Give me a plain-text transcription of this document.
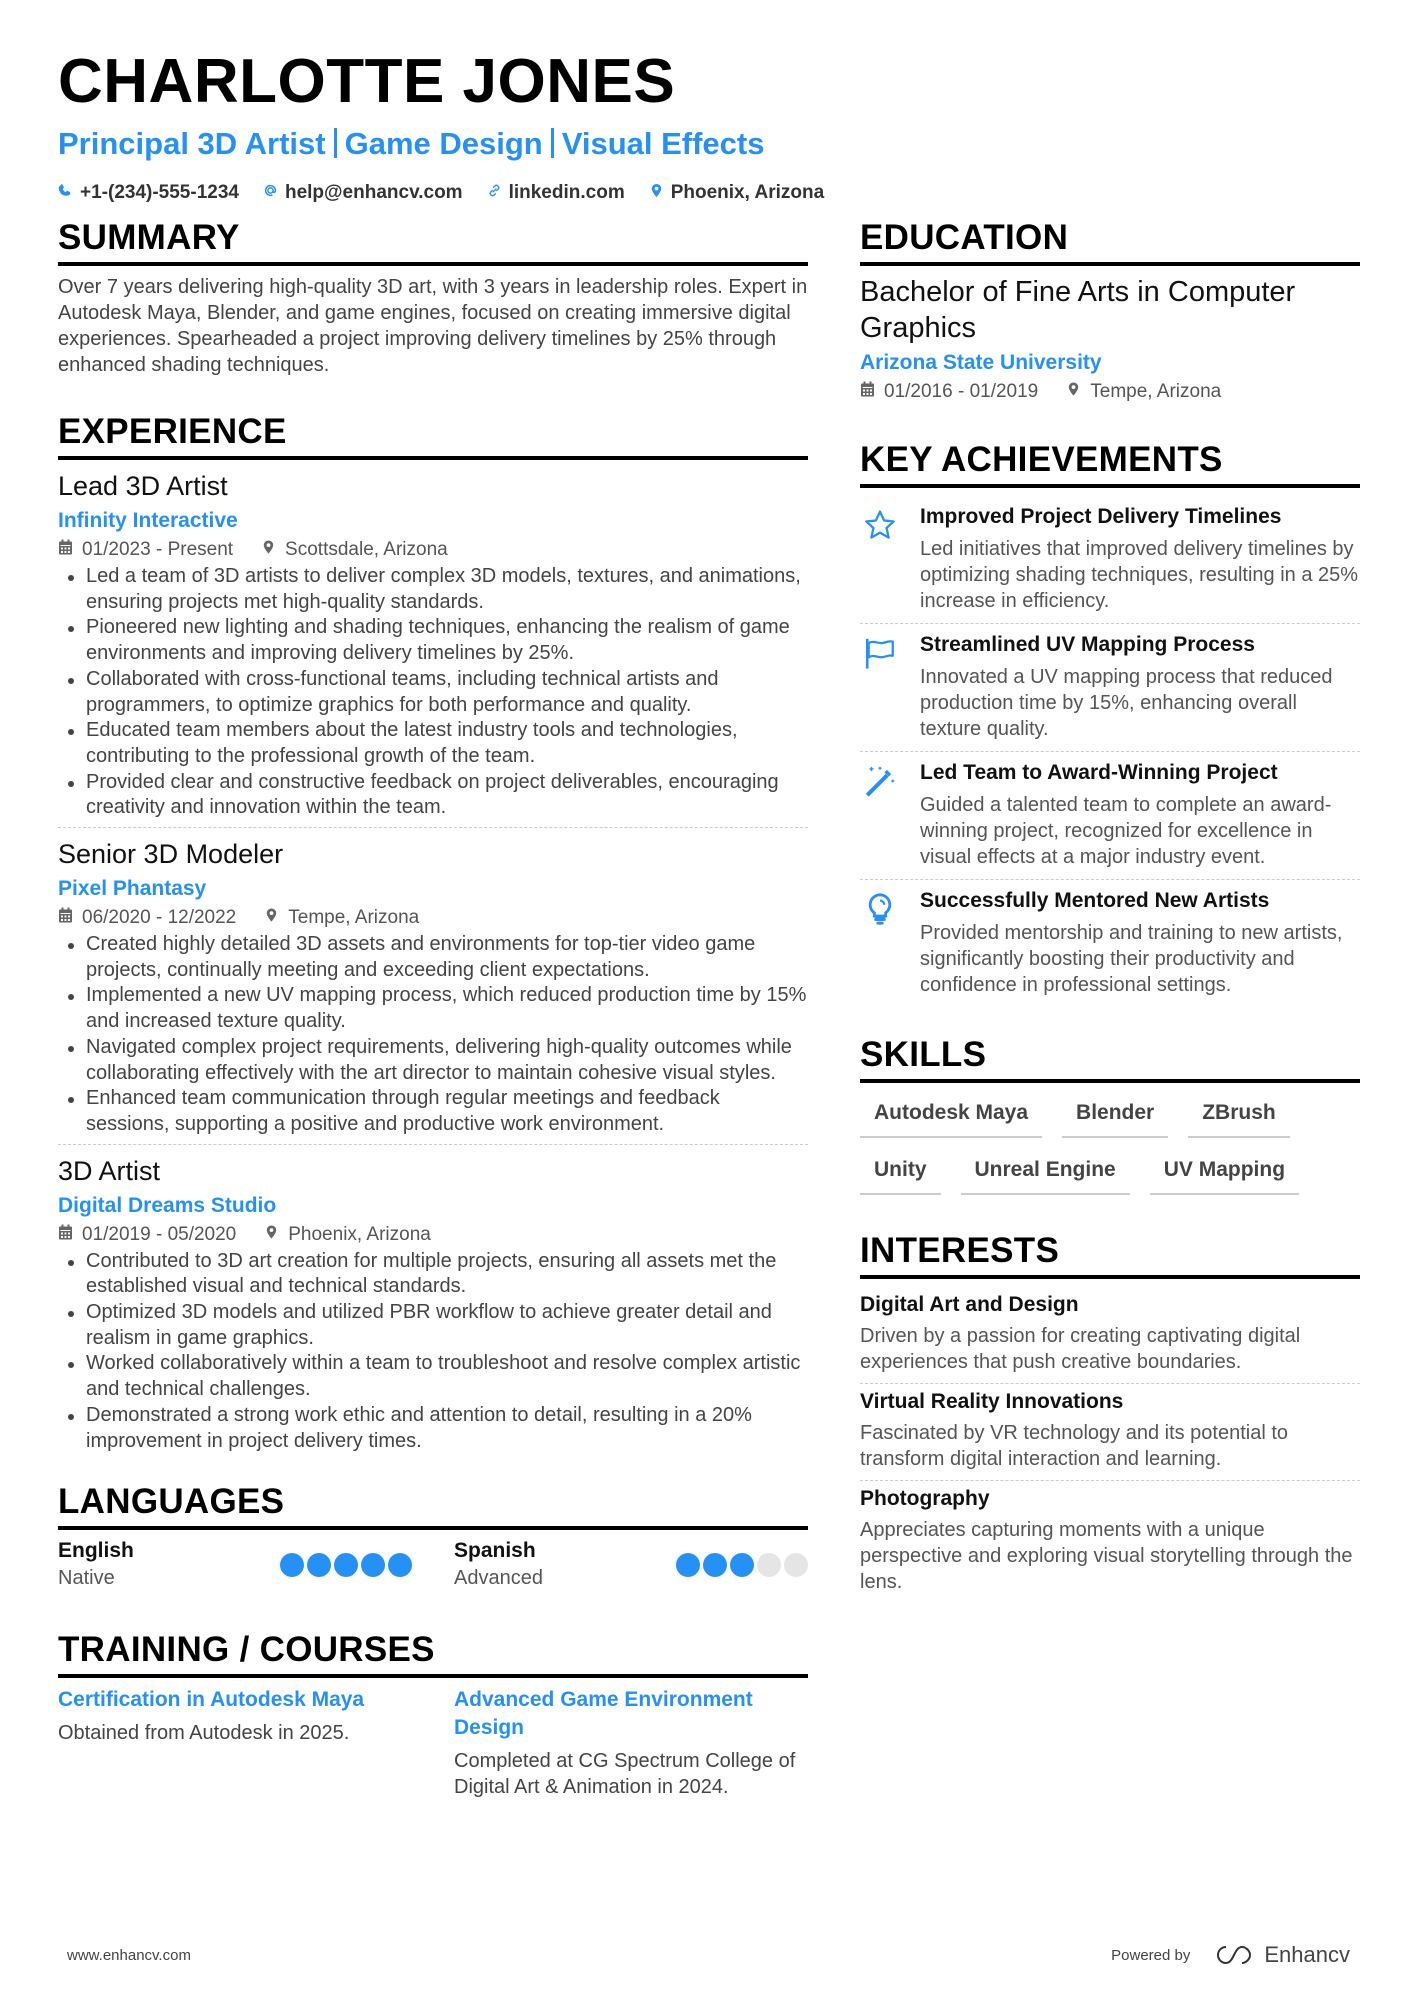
CHARLOTTE JONES
Principal 3D Artist Game Design Visual Effects
+1-(234)-555-1234 help@enhancv.com linkedin.com Phoenix, Arizona
SUMMARY

Over 7 years delivering high-quality 3D art, with 3 years in leadership roles. Expert in Autodesk Maya, Blender, and game engines, focused on creating immersive digital experiences. Spearheaded a project improving delivery timelines by 25% through enhanced shading techniques.

EXPERIENCE
Lead 3D Artist
Infinity Interactive
01/2023 - Present	Scottsdale, Arizona
Led a team of 3D artists to deliver complex 3D models, textures, and animations, ensuring projects met high-quality standards.
Pioneered new lighting and shading techniques, enhancing the realism of game environments and improving delivery timelines by 25%.
Collaborated with cross-functional teams, including technical artists and programmers, to optimize graphics for both performance and quality.
Educated team members about the latest industry tools and technologies, contributing to the professional growth of the team.
Provided clear and constructive feedback on project deliverables, encouraging creativity and innovation within the team.
Senior 3D Modeler
Pixel Phantasy
06/2020 - 12/2022	Tempe, Arizona
Created highly detailed 3D assets and environments for top-tier video game projects, continually meeting and exceeding client expectations.
Implemented a new UV mapping process, which reduced production time by 15% and increased texture quality.
Navigated complex project requirements, delivering high-quality outcomes while collaborating effectively with the art director to maintain cohesive visual styles.
Enhanced team communication through regular meetings and feedback sessions, supporting a positive and productive work environment.
3D Artist
Digital Dreams Studio
01/2019 - 05/2020	Phoenix, Arizona
Contributed to 3D art creation for multiple projects, ensuring all assets met the established visual and technical standards.
Optimized 3D models and utilized PBR workflow to achieve greater detail and realism in game graphics.
Worked collaboratively within a team to troubleshoot and resolve complex artistic and technical challenges.
Demonstrated a strong work ethic and attention to detail, resulting in a 20% improvement in project delivery times.
LANGUAGES
English
Native
Spanish
Advanced
TRAINING / COURSES
Certification in Autodesk Maya
Obtained from Autodesk in 2025.
Advanced Game Environment Design
Completed at CG Spectrum College of Digital Art & Animation in 2024.
EDUCATION
Bachelor of Fine Arts in Computer Graphics
Arizona State University
01/2016 - 01/2019	Tempe, Arizona
KEY ACHIEVEMENTS
Improved Project Delivery Timelines
Led initiatives that improved delivery timelines by optimizing shading techniques, resulting in a 25% increase in efficiency.
Streamlined UV Mapping Process
Innovated a UV mapping process that reduced production time by 15%, enhancing overall texture quality.
Led Team to Award-Winning Project
Guided a talented team to complete an award-winning project, recognized for excellence in visual effects at a major industry event.
Successfully Mentored New Artists
Provided mentorship and training to new artists, significantly boosting their productivity and confidence in professional settings.
SKILLS
Autodesk Maya	Blender	ZBrush
Unity	Unreal Engine	UV Mapping
INTERESTS
Digital Art and Design
Driven by a passion for creating captivating digital experiences that push creative boundaries.
Virtual Reality Innovations
Fascinated by VR technology and its potential to transform digital interaction and learning.
Photography
Appreciates capturing moments with a unique perspective and exploring visual storytelling through the lens.
www.enhancv.com	Powered by	Enhancv
